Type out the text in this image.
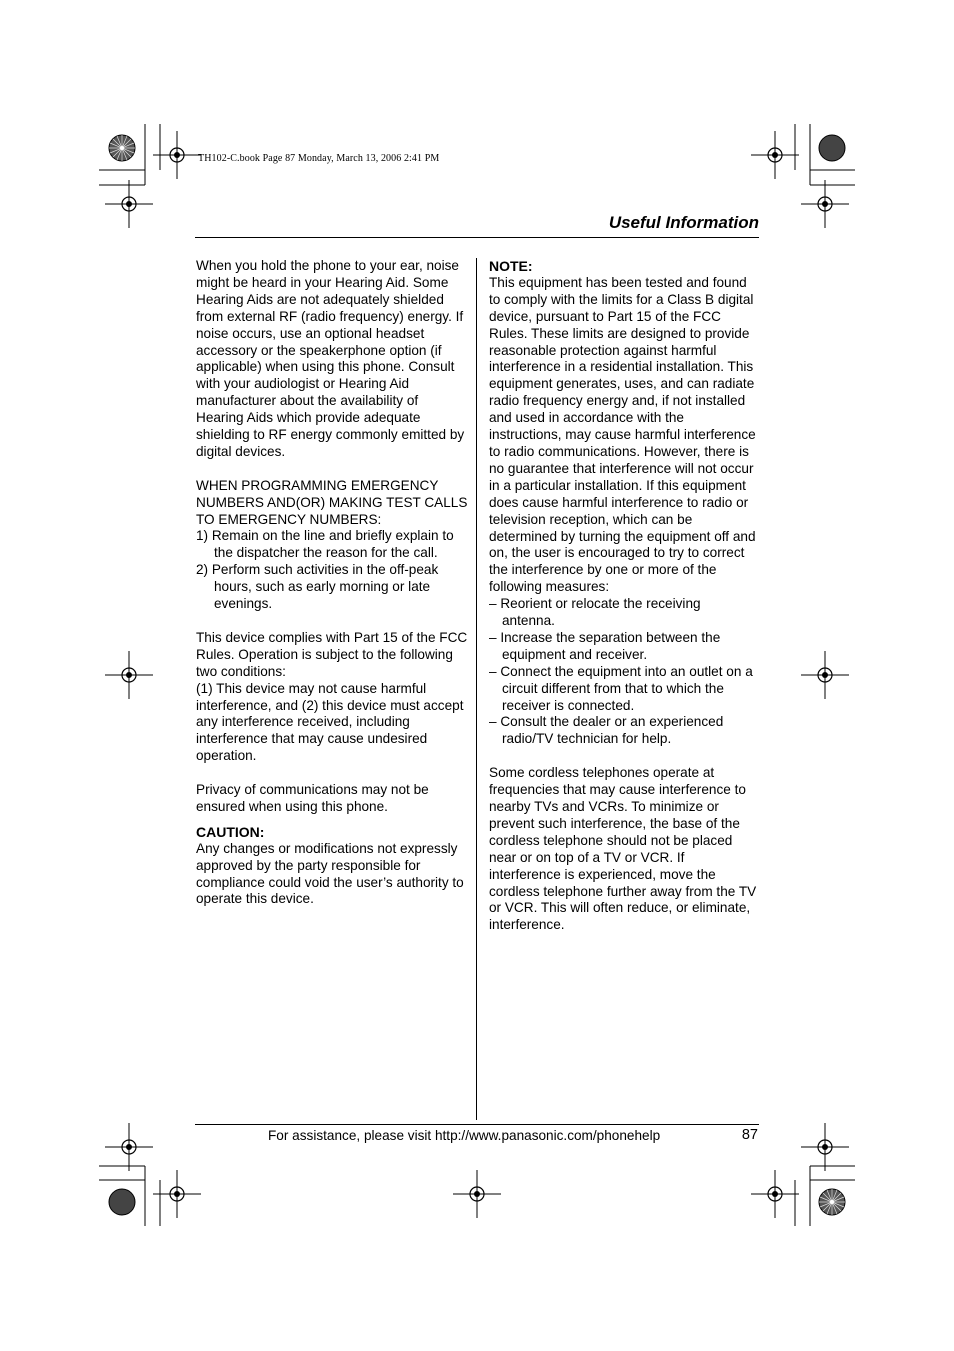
TH102-C.book Page 87 Monday, March 13, 2006 2:41 PM
Useful Information

When you hold the phone to your ear, noise might be heard in your Hearing Aid. Some Hearing Aids are not adequately shielded from external RF (radio frequency) energy. If noise occurs, use an optional headset accessory or the speakerphone option (if applicable) when using this phone. Consult with your audiologist or Hearing Aid manufacturer about the availability of Hearing Aids which provide adequate shielding to RF energy commonly emitted by digital devices.

WHEN PROGRAMMING EMERGENCY NUMBERS AND(OR) MAKING TEST CALLS TO EMERGENCY NUMBERS:

1) Remain on the line and briefly explain to the dispatcher the reason for the call.

2) Perform such activities in the off-peak hours, such as early morning or late evenings.

This device complies with Part 15 of the FCC Rules. Operation is subject to the following two conditions:

(1) This device may not cause harmful interference, and (2) this device must accept any interference received, including interference that may cause undesired operation.

Privacy of communications may not be ensured when using this phone.

CAUTION:

Any changes or modifications not expressly approved by the party responsible for compliance could void the user’s authority to operate this device.

NOTE:

This equipment has been tested and found to comply with the limits for a Class B digital device, pursuant to Part 15 of the FCC Rules. These limits are designed to provide reasonable protection against harmful interference in a residential installation. This equipment generates, uses, and can radiate radio frequency energy and, if not installed and used in accordance with the instructions, may cause harmful interference to radio communications. However, there is no guarantee that interference will not occur in a particular installation. If this equipment does cause harmful interference to radio or television reception, which can be determined by turning the equipment off and on, the user is encouraged to try to correct the interference by one or more of the following measures:

– Reorient or relocate the receiving antenna.

– Increase the separation between the equipment and receiver.

– Connect the equipment into an outlet on a circuit different from that to which the receiver is connected.

– Consult the dealer or an experienced radio/TV technician for help.

Some cordless telephones operate at frequencies that may cause interference to nearby TVs and VCRs. To minimize or prevent such interference, the base of the cordless telephone should not be placed near or on top of a TV or VCR. If interference is experienced, move the cordless telephone further away from the TV or VCR. This will often reduce, or eliminate, interference.

For assistance, please visit http://www.panasonic.com/phonehelp	87
